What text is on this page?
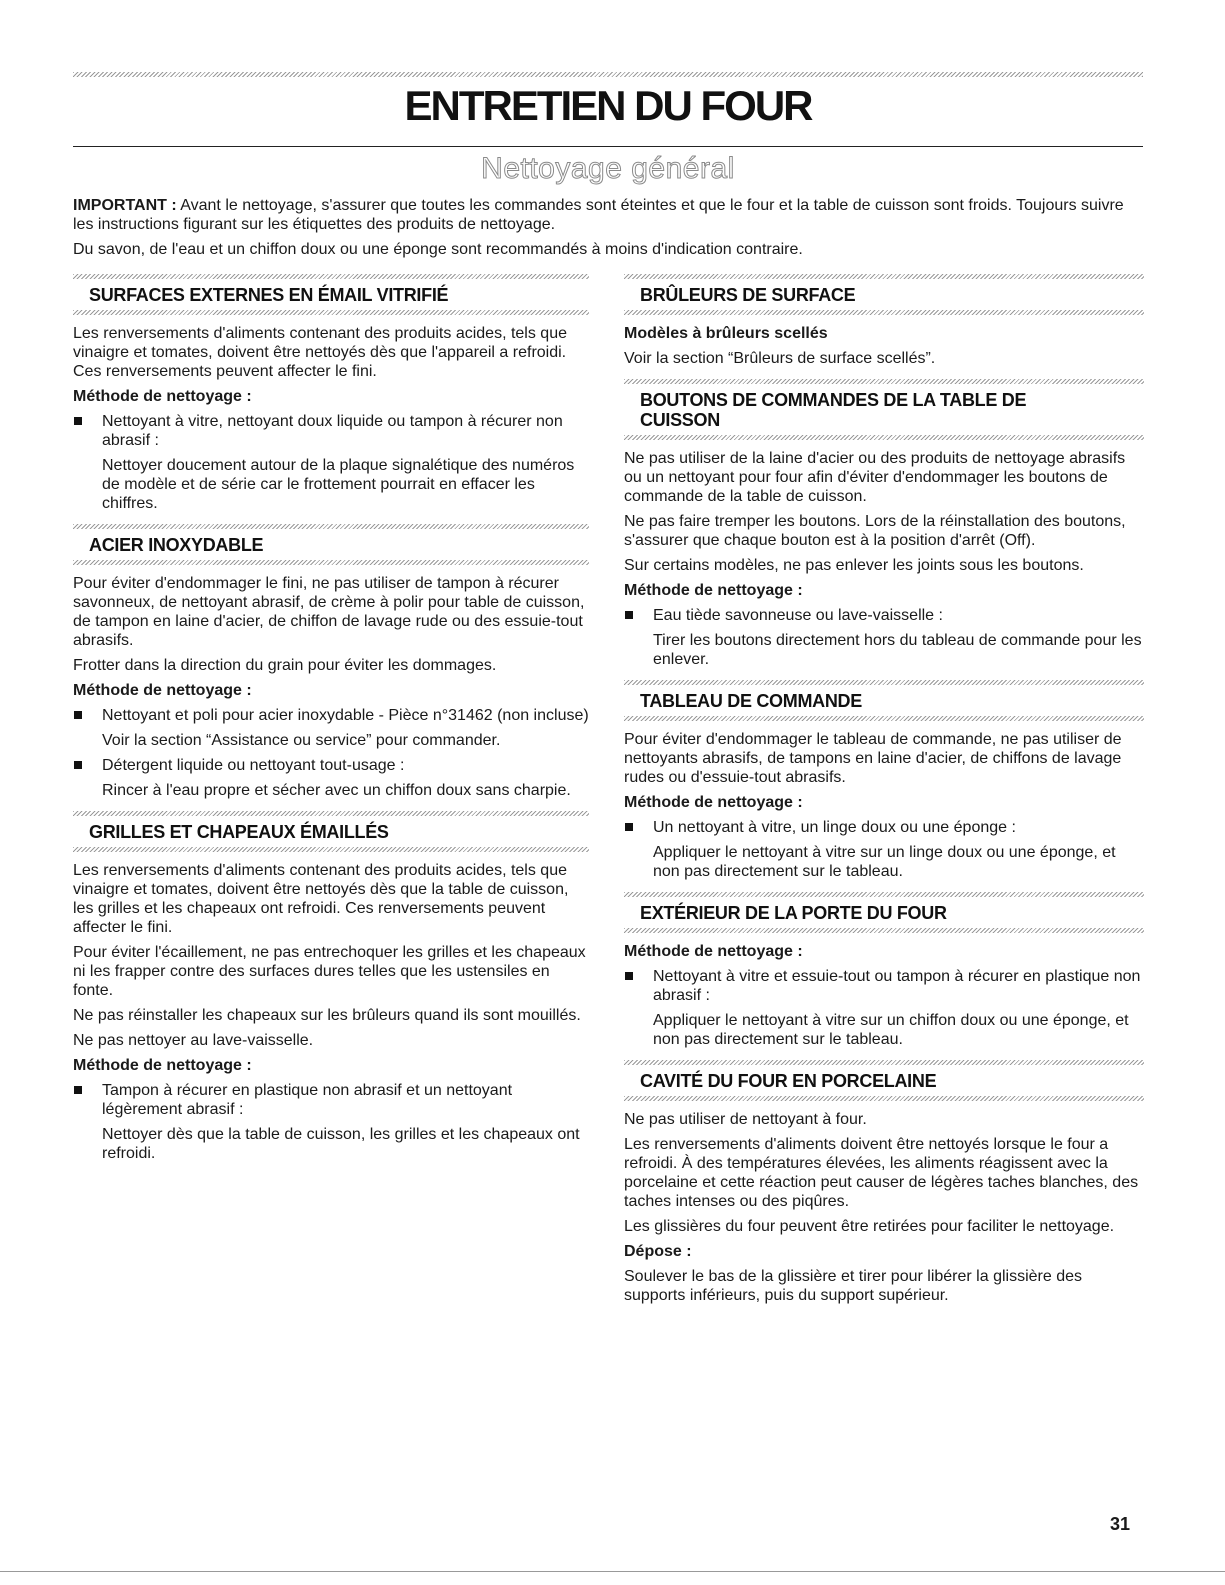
ENTRETIEN DU FOUR
Nettoyage général

IMPORTANT : Avant le nettoyage, s'assurer que toutes les commandes sont éteintes et que le four et la table de cuisson sont froids. Toujours suivre les instructions figurant sur les étiquettes des produits de nettoyage.

Du savon, de l'eau et un chiffon doux ou une éponge sont recommandés à moins d'indication contraire.

SURFACES EXTERNES EN ÉMAIL VITRIFIÉ

Les renversements d'aliments contenant des produits acides, tels que vinaigre et tomates, doivent être nettoyés dès que l'appareil a refroidi. Ces renversements peuvent affecter le fini.

Méthode de nettoyage :

Nettoyant à vitre, nettoyant doux liquide ou tampon à récurer non abrasif :

Nettoyer doucement autour de la plaque signalétique des numéros de modèle et de série car le frottement pourrait en effacer les chiffres.

ACIER INOXYDABLE

Pour éviter d'endommager le fini, ne pas utiliser de tampon à récurer savonneux, de nettoyant abrasif, de crème à polir pour table de cuisson, de tampon en laine d'acier, de chiffon de lavage rude ou des essuie-tout abrasifs.

Frotter dans la direction du grain pour éviter les dommages.

Méthode de nettoyage :

Nettoyant et poli pour acier inoxydable - Pièce n°31462 (non incluse)

Voir la section “Assistance ou service” pour commander.

Détergent liquide ou nettoyant tout-usage :

Rincer à l'eau propre et sécher avec un chiffon doux sans charpie.

GRILLES ET CHAPEAUX ÉMAILLÉS

Les renversements d'aliments contenant des produits acides, tels que vinaigre et tomates, doivent être nettoyés dès que la table de cuisson, les grilles et les chapeaux ont refroidi. Ces renversements peuvent affecter le fini.

Pour éviter l'écaillement, ne pas entrechoquer les grilles et les chapeaux ni les frapper contre des surfaces dures telles que les ustensiles en fonte.

Ne pas réinstaller les chapeaux sur les brûleurs quand ils sont mouillés.

Ne pas nettoyer au lave-vaisselle.

Méthode de nettoyage :

Tampon à récurer en plastique non abrasif et un nettoyant légèrement abrasif :

Nettoyer dès que la table de cuisson, les grilles et les chapeaux ont refroidi.

BRÛLEURS DE SURFACE

Modèles à brûleurs scellés

Voir la section “Brûleurs de surface scellés”.

BOUTONS DE COMMANDES DE LA TABLE DE CUISSON

Ne pas utiliser de la laine d'acier ou des produits de nettoyage abrasifs ou un nettoyant pour four afin d'éviter d'endommager les boutons de commande de la table de cuisson.

Ne pas faire tremper les boutons. Lors de la réinstallation des boutons, s'assurer que chaque bouton est à la position d'arrêt (Off).

Sur certains modèles, ne pas enlever les joints sous les boutons.

Méthode de nettoyage :

Eau tiède savonneuse ou lave-vaisselle :

Tirer les boutons directement hors du tableau de commande pour les enlever.

TABLEAU DE COMMANDE

Pour éviter d'endommager le tableau de commande, ne pas utiliser de nettoyants abrasifs, de tampons en laine d'acier, de chiffons de lavage rudes ou d'essuie-tout abrasifs.

Méthode de nettoyage :

Un nettoyant à vitre, un linge doux ou une éponge :

Appliquer le nettoyant à vitre sur un linge doux ou une éponge, et non pas directement sur le tableau.

EXTÉRIEUR DE LA PORTE DU FOUR

Méthode de nettoyage :

Nettoyant à vitre et essuie-tout ou tampon à récurer en plastique non abrasif :

Appliquer le nettoyant à vitre sur un chiffon doux ou une éponge, et non pas directement sur le tableau.

CAVITÉ DU FOUR EN PORCELAINE

Ne pas utiliser de nettoyant à four.

Les renversements d'aliments doivent être nettoyés lorsque le four a refroidi. À des températures élevées, les aliments réagissent avec la porcelaine et cette réaction peut causer de légères taches blanches, des taches intenses ou des piqûres.

Les glissières du four peuvent être retirées pour faciliter le nettoyage.

Dépose :

Soulever le bas de la glissière et tirer pour libérer la glissière des supports inférieurs, puis du support supérieur.

31
